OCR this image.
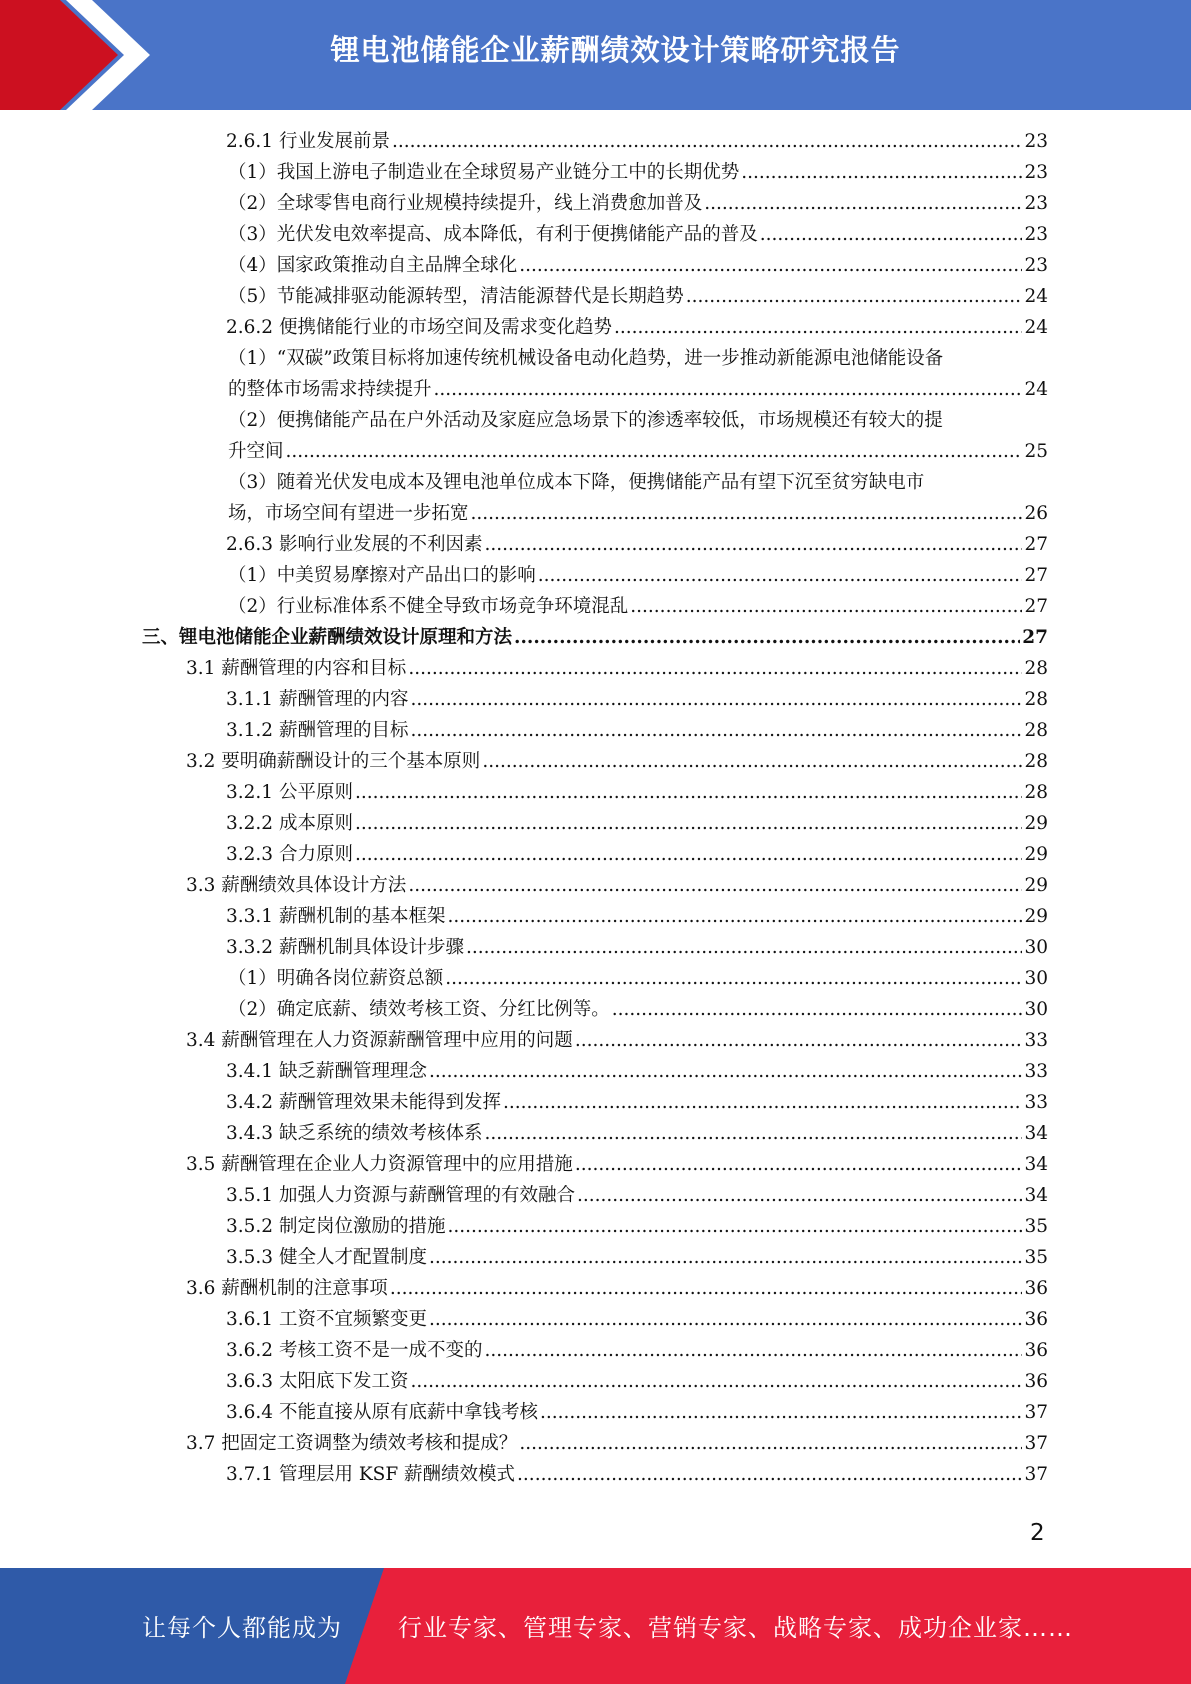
锂电池储能企业薪酬绩效设计策略研究报告
2.6.1 行业发展前景 .....	23
（1）我国上游电子制造业在全球贸易产业链分工中的长期优势 .....	23
（2）全球零售电商行业规模持续提升，线上消费愈加普及 .....	23
（3）光伏发电效率提高、成本降低，有利于便携储能产品的普及 .....	23
（4）国家政策推动自主品牌全球化 .....	23
（5）节能减排驱动能源转型，清洁能源替代是长期趋势 .....	24
2.6.2 便携储能行业的市场空间及需求变化趋势 .....	24
（1）“双碳”政策目标将加速传统机械设备电动化趋势，进一步推动新能源电池储能设备
的整体市场需求持续提升 .....	24
（2）便携储能产品在户外活动及家庭应急场景下的渗透率较低，市场规模还有较大的提
升空间 .....	25
（3）随着光伏发电成本及锂电池单位成本下降，便携储能产品有望下沉至贫穷缺电市
场，市场空间有望进一步拓宽 .....	26
2.6.3 影响行业发展的不利因素 .....	27
（1）中美贸易摩擦对产品出口的影响 .....	27
（2）行业标准体系不健全导致市场竞争环境混乱 .....	27
三、锂电池储能企业薪酬绩效设计原理和方法 .....	27
3.1 薪酬管理的内容和目标 .....	28
3.1.1 薪酬管理的内容 .....	28
3.1.2 薪酬管理的目标 .....	28
3.2 要明确薪酬设计的三个基本原则 .....	28
3.2.1 公平原则 .....	28
3.2.2 成本原则 .....	29
3.2.3 合力原则 .....	29
3.3 薪酬绩效具体设计方法 .....	29
3.3.1 薪酬机制的基本框架 .....	29
3.3.2 薪酬机制具体设计步骤 .....	30
（1）明确各岗位薪资总额 .....	30
（2）确定底薪、绩效考核工资、分红比例等。 .....	30
3.4 薪酬管理在人力资源薪酬管理中应用的问题 .....	33
3.4.1 缺乏薪酬管理理念 .....	33
3.4.2 薪酬管理效果未能得到发挥 .....	33
3.4.3 缺乏系统的绩效考核体系 .....	34
3.5 薪酬管理在企业人力资源管理中的应用措施 .....	34
3.5.1 加强人力资源与薪酬管理的有效融合 .....	34
3.5.2 制定岗位激励的措施 .....	35
3.5.3 健全人才配置制度 .....	35
3.6 薪酬机制的注意事项 .....	36
3.6.1 工资不宜频繁变更 .....	36
3.6.2 考核工资不是一成不变的 .....	36
3.6.3 太阳底下发工资 .....	36
3.6.4 不能直接从原有底薪中拿钱考核 .....	37
3.7 把固定工资调整为绩效考核和提成？ .....	37
3.7.1 管理层用 KSF 薪酬绩效模式 .....	37
2
让每个人都能成为 行业专家、管理专家、营销专家、战略专家、成功企业家……
